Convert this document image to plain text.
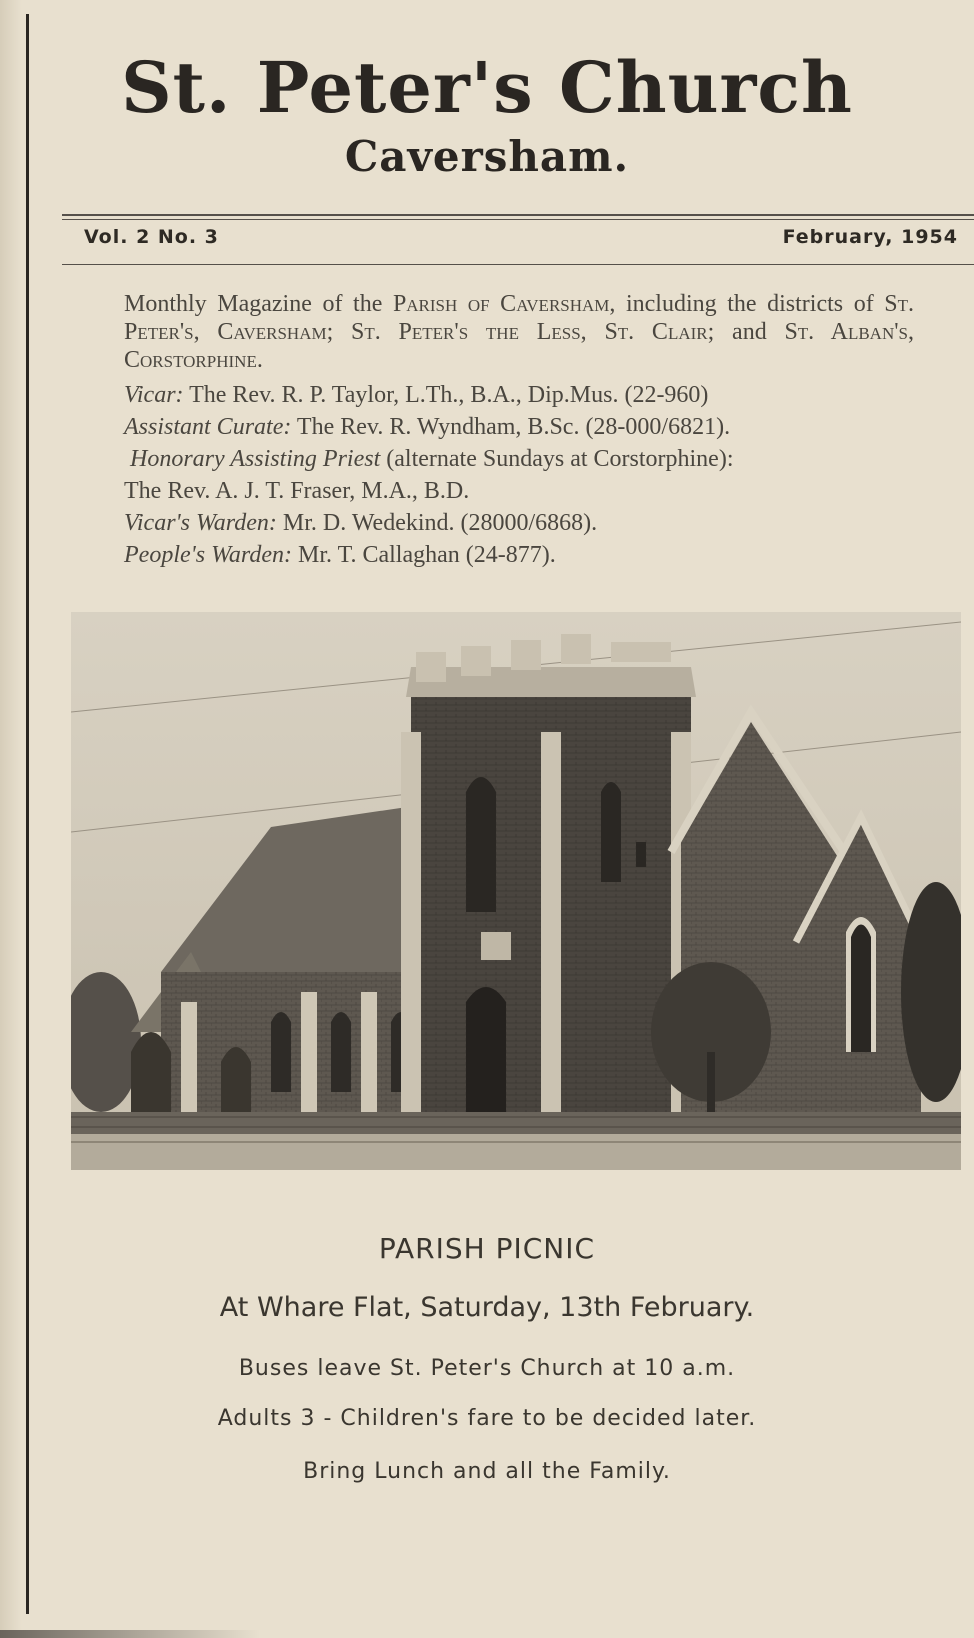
St. Peter's Church
Caversham.
Vol. 2 No. 3	February, 1954
Monthly Magazine of the Parish of Caversham, including the districts of St. Peter's, Caversham; St. Peter's the Less, St. Clair; and St. Alban's, Corstorphine.
Vicar: The Rev. R. P. Taylor, L.Th., B.A., Dip.Mus. (22-960)
Assistant Curate: The Rev. R. Wyndham, B.Sc. (28-000/6821).
Honorary Assisting Priest (alternate Sundays at Corstorphine):
The Rev. A. J. T. Fraser, M.A., B.D.
Vicar's Warden: Mr. D. Wedekind. (28000/6868).
People's Warden: Mr. T. Callaghan (24-877).
PARISH PICNIC
At Whare Flat, Saturday, 13th February.
Buses leave St. Peter's Church at 10 a.m.
Adults 3 - Children's fare to be decided later.
Bring Lunch and all the Family.
